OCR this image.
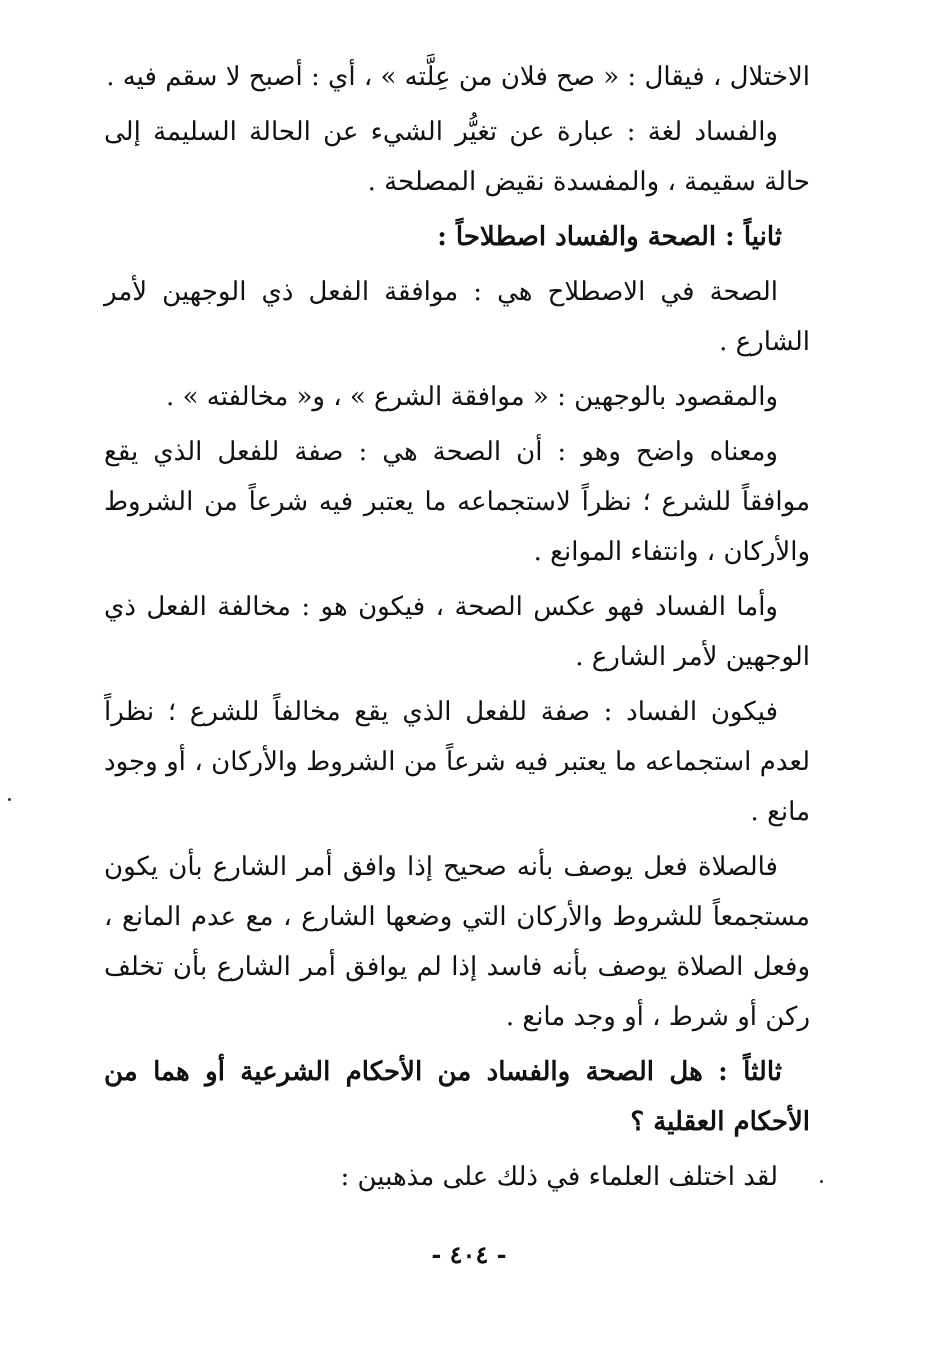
الاختلال ، فيقال : « صح فلان من عِلَّته » ، أي : أصبح لا سقم فيه .

والفساد لغة : عبارة عن تغيُّر الشيء عن الحالة السليمة إلى حالة سقيمة ، والمفسدة نقيض المصلحة .

ثانياً : الصحة والفساد اصطلاحاً :

الصحة في الاصطلاح هي : موافقة الفعل ذي الوجهين لأمر الشارع .

والمقصود بالوجهين : « موافقة الشرع » ، و« مخالفته » .

ومعناه واضح وهو : أن الصحة هي : صفة للفعل الذي يقع موافقاً للشرع ؛ نظراً لاستجماعه ما يعتبر فيه شرعاً من الشروط والأركان ، وانتفاء الموانع .

وأما الفساد فهو عكس الصحة ، فيكون هو : مخالفة الفعل ذي الوجهين لأمر الشارع .

فيكون الفساد : صفة للفعل الذي يقع مخالفاً للشرع ؛ نظراً لعدم استجماعه ما يعتبر فيه شرعاً من الشروط والأركان ، أو وجود مانع .

فالصلاة فعل يوصف بأنه صحيح إذا وافق أمر الشارع بأن يكون مستجمعاً للشروط والأركان التي وضعها الشارع ، مع عدم المانع ، وفعل الصلاة يوصف بأنه فاسد إذا لم يوافق أمر الشارع بأن تخلف ركن أو شرط ، أو وجد مانع .

ثالثاً : هل الصحة والفساد من الأحكام الشرعية أو هما من الأحكام العقلية ؟

لقد اختلف العلماء في ذلك على مذهبين :

- ٤٠٤ -
